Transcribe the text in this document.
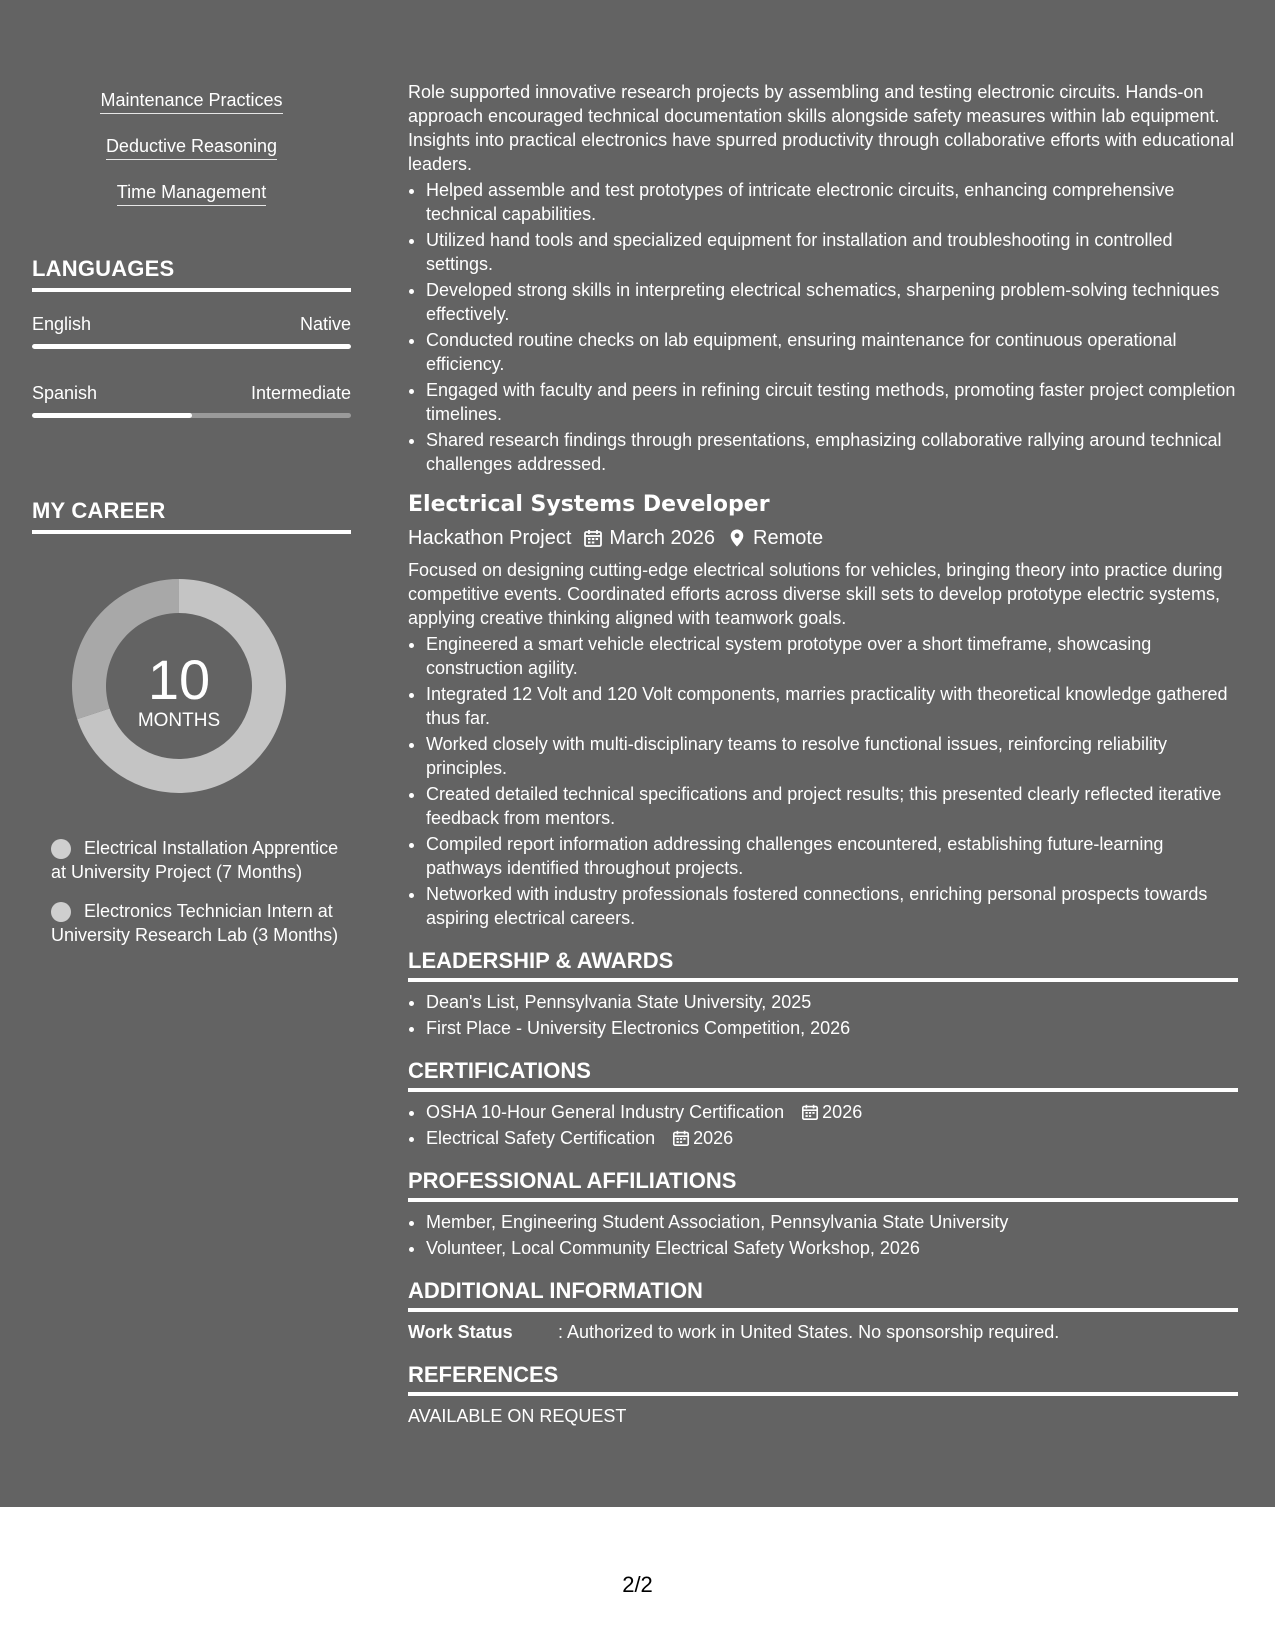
Maintenance Practices
Deductive Reasoning
Time Management
LANGUAGES
English	Native
Spanish	Intermediate
MY CAREER
10
MONTHS
Electrical Installation Apprentice at University Project (7 Months)
Electronics Technician Intern at University Research Lab (3 Months)

Role supported innovative research projects by assembling and testing electronic circuits. Hands-on approach encouraged technical documentation skills alongside safety measures within lab equipment. Insights into practical electronics have spurred productivity through collaborative efforts with educational leaders.

• Helped assemble and test prototypes of intricate electronic circuits, enhancing comprehensive technical capabilities.
• Utilized hand tools and specialized equipment for installation and troubleshooting in controlled settings.
• Developed strong skills in interpreting electrical schematics, sharpening problem-solving techniques effectively.
• Conducted routine checks on lab equipment, ensuring maintenance for continuous operational efficiency.
• Engaged with faculty and peers in refining circuit testing methods, promoting faster project completion timelines.
• Shared research findings through presentations, emphasizing collaborative rallying around technical challenges addressed.
Electrical Systems Developer
Hackathon Project March 2026 Remote

Focused on designing cutting-edge electrical solutions for vehicles, bringing theory into practice during competitive events. Coordinated efforts across diverse skill sets to develop prototype electric systems, applying creative thinking aligned with teamwork goals.

• Engineered a smart vehicle electrical system prototype over a short timeframe, showcasing construction agility.
• Integrated 12 Volt and 120 Volt components, marries practicality with theoretical knowledge gathered thus far.
• Worked closely with multi-disciplinary teams to resolve functional issues, reinforcing reliability principles.
• Created detailed technical specifications and project results; this presented clearly reflected iterative feedback from mentors.
• Compiled report information addressing challenges encountered, establishing future-learning pathways identified throughout projects.
• Networked with industry professionals fostered connections, enriching personal prospects towards aspiring electrical careers.
LEADERSHIP & AWARDS
• Dean's List, Pennsylvania State University, 2025
• First Place - University Electronics Competition, 2026
CERTIFICATIONS
• OSHA 10-Hour General Industry Certification 2026
• Electrical Safety Certification 2026
PROFESSIONAL AFFILIATIONS
• Member, Engineering Student Association, Pennsylvania State University
• Volunteer, Local Community Electrical Safety Workshop, 2026
ADDITIONAL INFORMATION
Work Status	: Authorized to work in United States. No sponsorship required.
REFERENCES
AVAILABLE ON REQUEST
2/2
